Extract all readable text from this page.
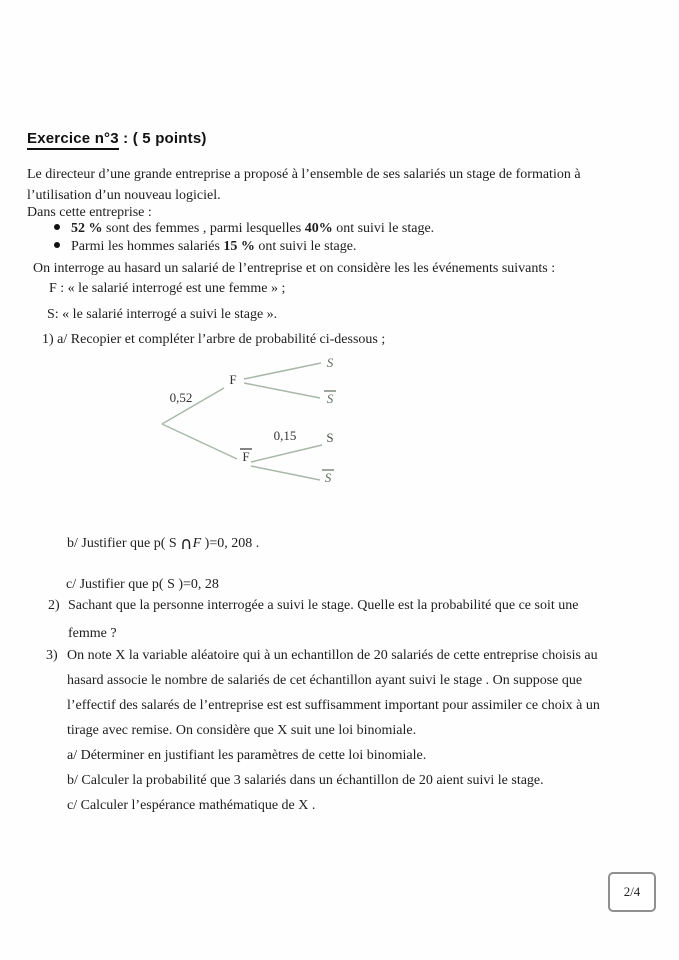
Exercice n°3 : ( 5 points)
Le directeur d’une grande entreprise a proposé à l’ensemble de ses salariés un stage de formation à
l’utilisation d’un nouveau logiciel.
Dans cette entreprise :
52 % sont des femmes , parmi lesquelles 40% ont suivi le stage.
Parmi les hommes salariés 15 % ont suivi le stage.
On interroge au hasard un salarié de l’entreprise et on considère les les événements suivants :
F : « le salarié interrogé est une femme » ;
S: « le salarié interrogé a suivi le stage ».
1) a/ Recopier et compléter l’arbre de probabilité ci-dessous ;
0,52
0,15
F
F
S
S
S
S
b/ Justifier que p( S ∩F )=0, 208 .
c/ Justifier que p( S )=0, 28
2) Sachant que la personne interrogée a suivi le stage. Quelle est la probabilité que ce soit une
femme ?
3) On note X la variable aléatoire qui à un echantillon de 20 salariés de cette entreprise choisis au
hasard associe le nombre de salariés de cet échantillon ayant suivi le stage . On suppose que
l’effectif des salarés de l’entreprise est est suffisamment important pour assimiler ce choix à un
tirage avec remise. On considère que X suit une loi binomiale.
a/ Déterminer en justifiant les paramètres de cette loi binomiale.
b/ Calculer la probabilité que 3 salariés dans un échantillon de 20 aient suivi le stage.
c/ Calculer l’espérance mathématique de X .
2/4
